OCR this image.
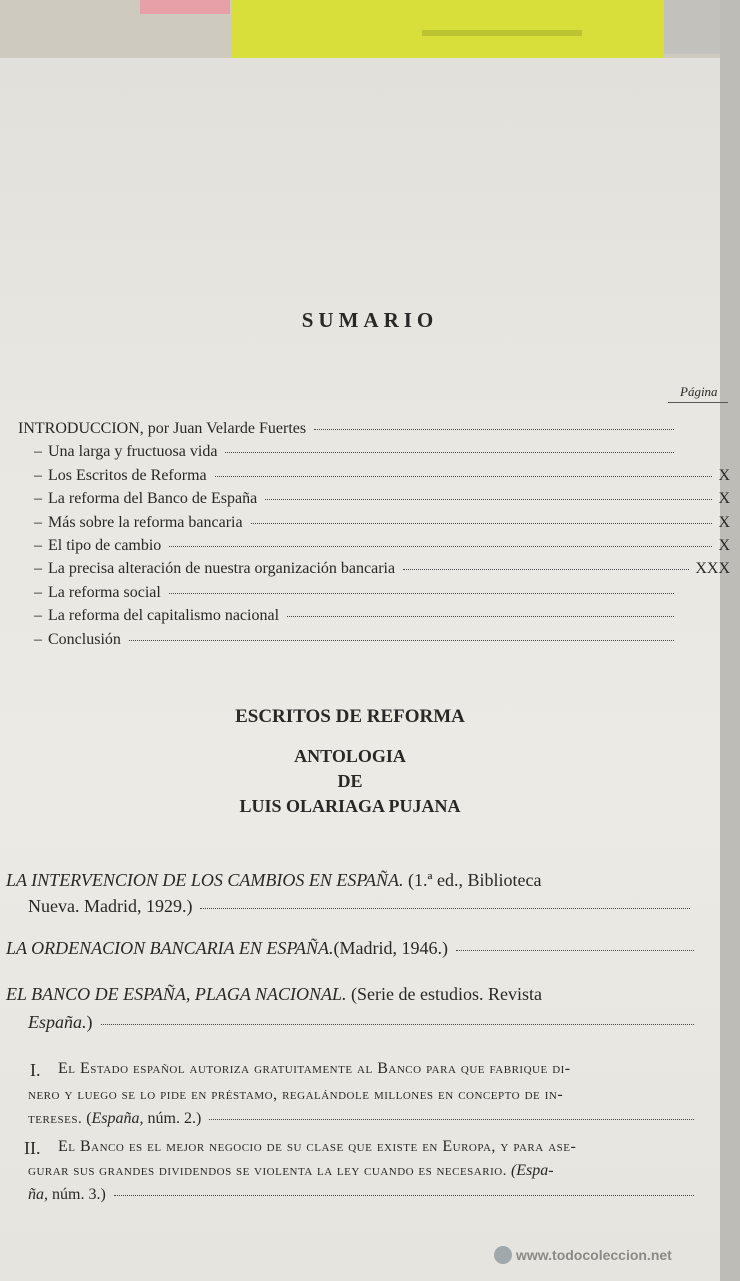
SUMARIO
Página
INTRODUCCION, por Juan Velarde Fuertes
– Una larga y fructuosa vida
– Los Escritos de Reforma	X
– La reforma del Banco de España	X
– Más sobre la reforma bancaria	X
– El tipo de cambio	X
– La precisa alteración de nuestra organización bancaria	XXX
– La reforma social
– La reforma del capitalismo nacional
– Conclusión
ESCRITOS DE REFORMA
ANTOLOGIA
DE
LUIS OLARIAGA PUJANA
LA INTERVENCION DE LOS CAMBIOS EN ESPAÑA. (1.ª ed., Biblioteca
Nueva. Madrid, 1929.)
LA ORDENACION BANCARIA EN ESPAÑA. (Madrid, 1946.)
EL BANCO DE ESPAÑA, PLAGA NACIONAL. (Serie de estudios. Revista
España. )
I. El Estado español autoriza gratuitamente al Banco para que fabrique di-
nero y luego se lo pide en préstamo, regalándole millones en concepto de in-
tereses. ( España,
núm. 2.)
II. El Banco es el mejor negocio de su clase que existe en Europa, y para ase-
gurar sus grandes dividendos se violenta la ley cuando es necesario. (Espa-
ña,
núm. 3.)
www.todocoleccion.net
